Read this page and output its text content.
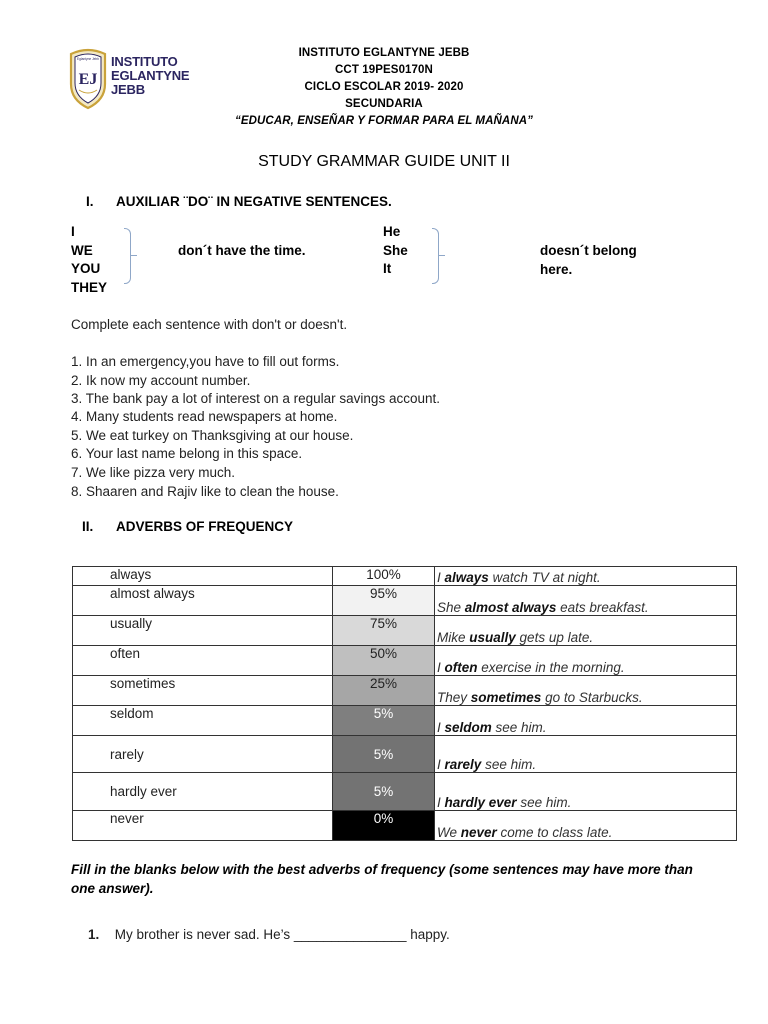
Eglantyne Jebb
EJ
INSTITUTO
EGLANTYNE
JEBB
INSTITUTO EGLANTYNE JEBB
CCT 19PES0170N
CICLO ESCOLAR 2019- 2020
SECUNDARIA
“EDUCAR, ENSEÑAR Y FORMAR PARA EL MAÑANA”
STUDY GRAMMAR GUIDE UNIT II
I. AUXILIAR ¨DO¨ IN NEGATIVE SENTENCES.
I
WE
YOU
THEY
don´t have the time.
He
She
It
doesn´t belong
here.
Complete each sentence with don't or doesn't.
1. In an emergency,you have to fill out forms.
2. Ik now my account number.
3. The bank pay a lot of interest on a regular savings account.
4. Many students read newspapers at home.
5. We eat turkey on Thanksgiving at our house.
6. Your last name belong in this space.
7. We like pizza very much.
8. Shaaren and Rajiv like to clean the house.
II. ADVERBS OF FREQUENCY
always	100%	I always watch TV at night.
almost always	95%	She almost always eats breakfast.
usually	75%	Mike usually gets up late.
often	50%	I often exercise in the morning.
sometimes	25%	They sometimes go to Starbucks.
seldom	5%	I seldom see him.
rarely	5%	I rarely see him.
hardly ever	5%	I hardly ever see him.
never	0%	We never come to class late.
Fill in the blanks below with the best adverbs of frequency (some sentences may have more than one answer).
1. My brother is never sad. He’s _______________ happy.
